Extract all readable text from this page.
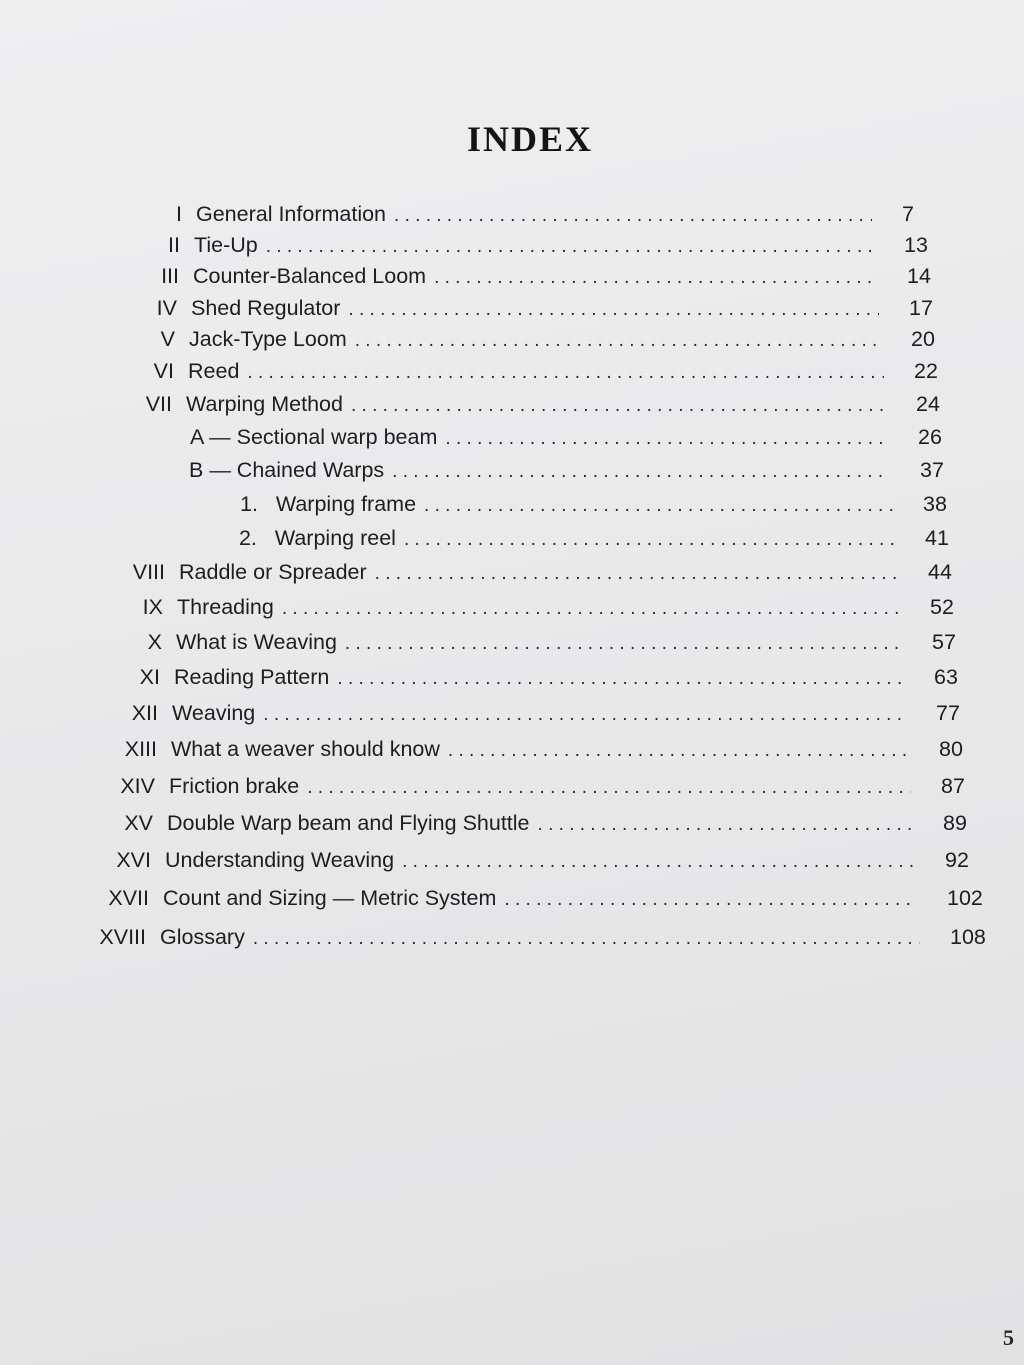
INDEX
I General Information . . .	7
II Tie-Up . . .	13
III Counter-Balanced Loom . . .	14
IV Shed Regulator . . .	17
V Jack-Type Loom . . .	20
VI Reed . . .	22
VII Warping Method . . .	24
A — Sectional warp beam . . .	26
B — Chained Warps . . .	37
1.   Warping frame . . .	38
2.   Warping reel . . .	41
VIII Raddle or Spreader . . .	44
IX Threading . . .	52
X What is Weaving . . .	57
XI Reading Pattern . . .	63
XII Weaving . . .	77
XIII What a weaver should know . . .	80
XIV Friction brake . . .	87
XV Double Warp beam and Flying Shuttle . . .	89
XVI Understanding Weaving . . .	92
XVII Count and Sizing — Metric System . . .	102
XVIII Glossary . . .	108
5
